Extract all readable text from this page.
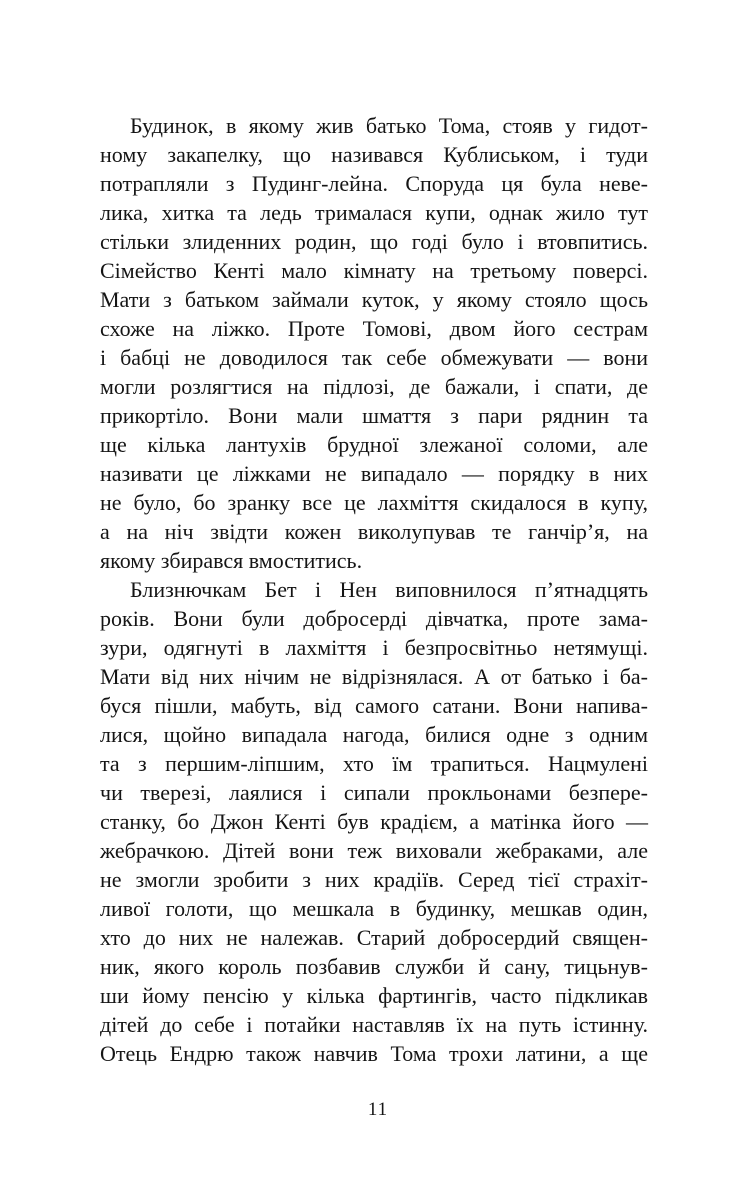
Будинок, в якому жив батько Тома, стояв у гидот-
ному закапелку, що називався Кублиськом, і туди
потрапляли з Пудинг-лейна. Споруда ця була неве-
лика, хитка та ледь трималася купи, однак жило тут
стільки злиденних родин, що годі було і втовпитись.
Сімейство Кенті мало кімнату на третьому поверсі.
Мати з батьком займали куток, у якому стояло щось
схоже на ліжко. Проте Томові, двом його сестрам
і бабці не доводилося так себе обмежувати — вони
могли розлягтися на підлозі, де бажали, і спати, де
прикортіло. Вони мали шмаття з пари ряднин та
ще кілька лантухів брудної злежаної соломи, але
називати це ліжками не випадало — порядку в них
не було, бо зранку все це лахміття скидалося в купу,
а на ніч звідти кожен виколупував те ганчір’я, на
якому збирався вмоститись.
Близнючкам Бет і Нен виповнилося п’ятнадцять
років. Вони були добросерді дівчатка, проте зама-
зури, одягнуті в лахміття і безпросвітньо нетямущі.
Мати від них нічим не відрізнялася. А от батько і ба-
буся пішли, мабуть, від самого сатани. Вони напива-
лися, щойно випадала нагода, билися одне з одним
та з першим-ліпшим, хто їм трапиться. Нацмулені
чи тверезі, лаялися і сипали прокльонами безпере-
станку, бо Джон Кенті був крадієм, а матінка його —
жебрачкою. Дітей вони теж виховали жебраками, але
не змогли зробити з них крадіїв. Серед тієї страхіт-
ливої голоти, що мешкала в будинку, мешкав один,
хто до них не належав. Старий добросердий священ-
ник, якого король позбавив служби й сану, тицьнув-
ши йому пенсію у кілька фартингів, часто підкликав
дітей до себе і потайки наставляв їх на путь істинну.
Отець Ендрю також навчив Тома трохи латини, а ще
11
